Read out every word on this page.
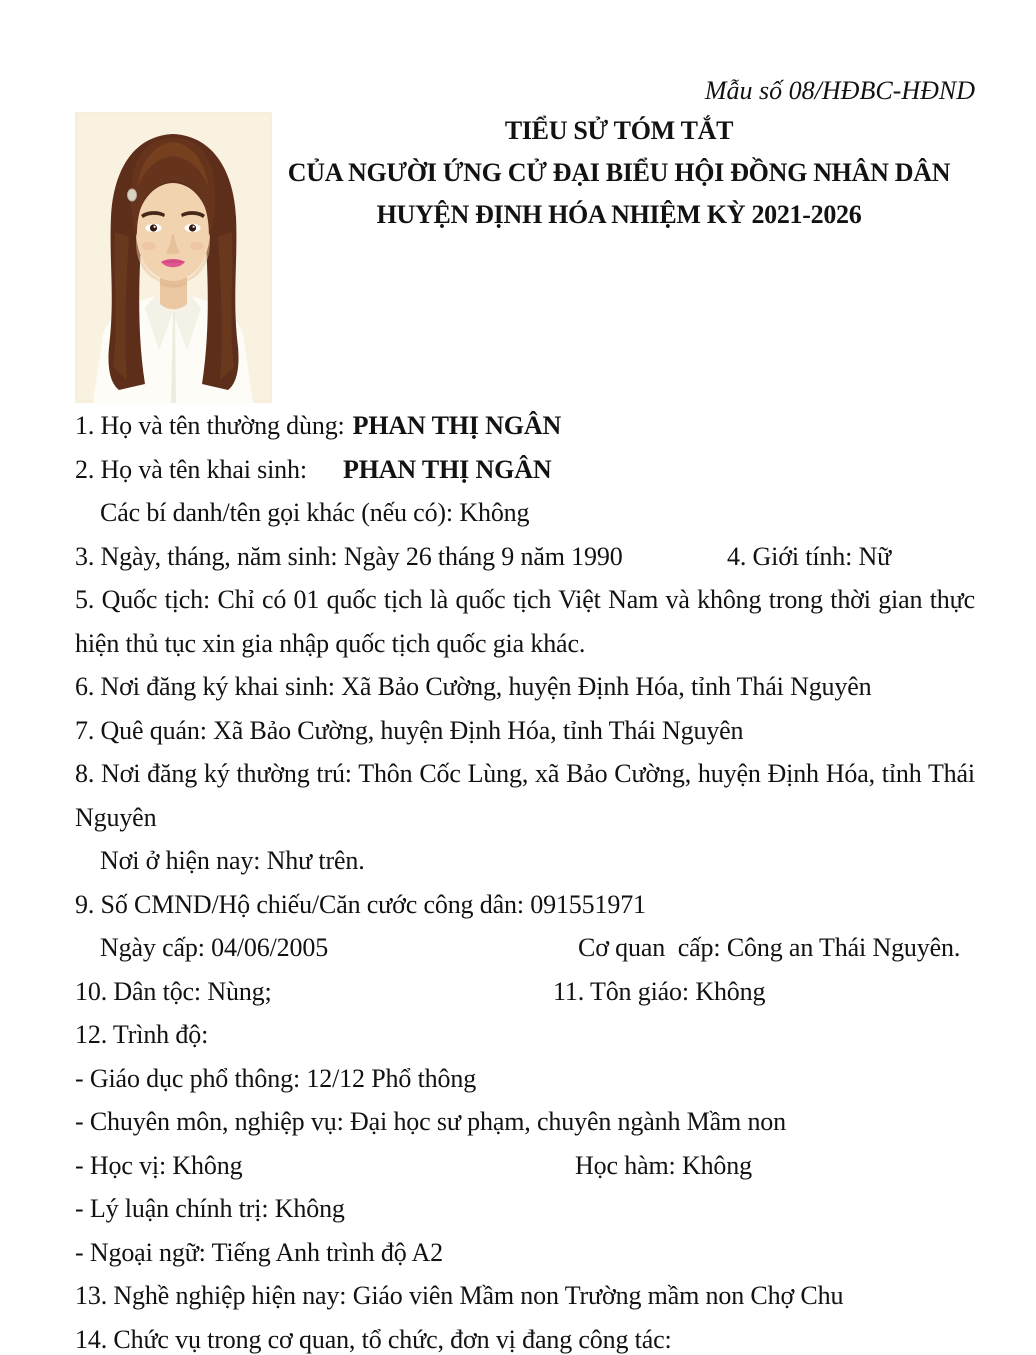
Mẫu số 08/HĐBC-HĐND
TIỂU SỬ TÓM TẮT
CỦA NGƯỜI ỨNG CỬ ĐẠI BIỂU HỘI ĐỒNG NHÂN DÂN
HUYỆN ĐỊNH HÓA NHIỆM KỲ 2021-2026
1. Họ và tên thường dùng: PHAN THỊ NGÂN
2. Họ và tên khai sinh: PHAN THỊ NGÂN
Các bí danh/tên gọi khác (nếu có): Không
3. Ngày, tháng, năm sinh: Ngày 26 tháng 9 năm 1990	4. Giới tính: Nữ
5. Quốc tịch: Chỉ có 01 quốc tịch là quốc tịch Việt Nam và không trong thời gian thực hiện thủ tục xin gia nhập quốc tịch quốc gia khác.
6. Nơi đăng ký khai sinh: Xã Bảo Cường, huyện Định Hóa, tỉnh Thái Nguyên
7. Quê quán: Xã Bảo Cường, huyện Định Hóa, tỉnh Thái Nguyên
8. Nơi đăng ký thường trú: Thôn Cốc Lùng, xã Bảo Cường, huyện Định Hóa, tỉnh Thái Nguyên
Nơi ở hiện nay: Như trên.
9. Số CMND/Hộ chiếu/Căn cước công dân: 091551971
Ngày cấp: 04/06/2005	Cơ quan  cấp: Công an Thái Nguyên.
10. Dân tộc: Nùng;	11. Tôn giáo: Không
12. Trình độ:
- Giáo dục phổ thông: 12/12 Phổ thông
- Chuyên môn, nghiệp vụ: Đại học sư phạm, chuyên ngành Mầm non
- Học vị: Không	Học hàm: Không
- Lý luận chính trị: Không
- Ngoại ngữ: Tiếng Anh trình độ A2
13. Nghề nghiệp hiện nay: Giáo viên Mầm non Trường mầm non Chợ Chu
14. Chức vụ trong cơ quan, tổ chức, đơn vị đang công tác:
